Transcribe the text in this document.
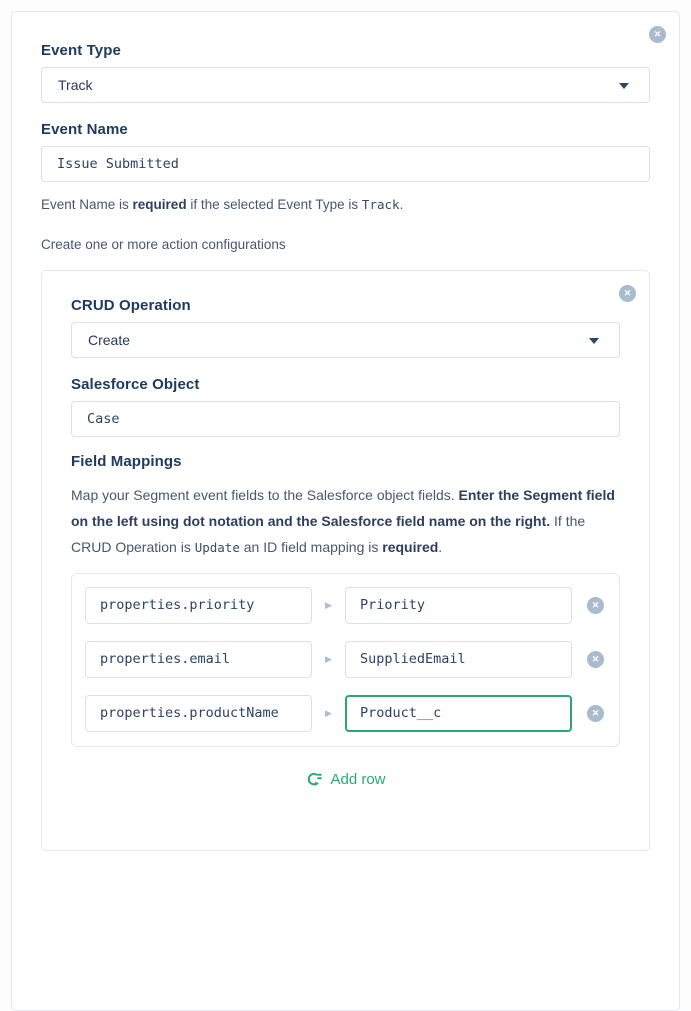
✕
Event Type
Track
Event Name
Issue Submitted

Event Name is required if the selected Event Type is Track.

Create one or more action configurations

✕
CRUD Operation
Create
Salesforce Object
Case
Field Mappings

Map your Segment event fields to the Salesforce object fields. Enter the Segment field on the left using dot notation and the Salesforce field name on the right. If the CRUD Operation is Update an ID field mapping is required.

properties.priority
▶
Priority	✕
properties.email
▶
SuppliedEmail	✕
properties.productName
▶
Product__c	✕
Add row
